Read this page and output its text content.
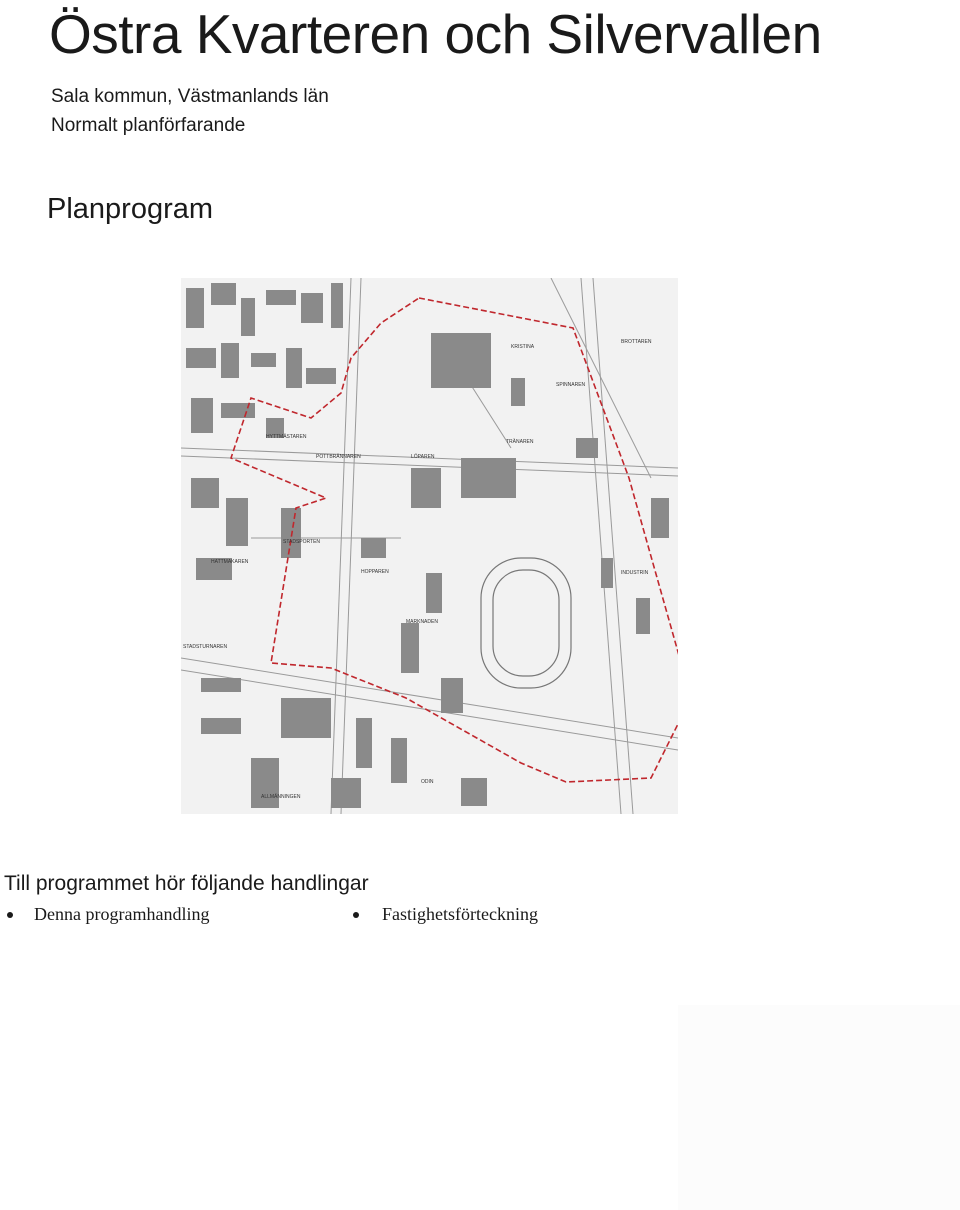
Östra Kvarteren och Silvervallen
Sala kommun, Västmanlands län
Normalt planförfarande
Planprogram
KRISTINA
BROTTAREN
SPINNAREN
TRÄNAREN
LÖPAREN
HYTTMÄSTAREN
POTTBRÄNNAREN
HATTMAKAREN
STADSTURNAREN
HOPPAREN
MARKNADEN
INDUSTRIN
ALLMÄNNINGEN
ODIN
STADSPORTEN
Till programmet hör följande handlingar
Denna programhandling	Fastighetsförteckning
